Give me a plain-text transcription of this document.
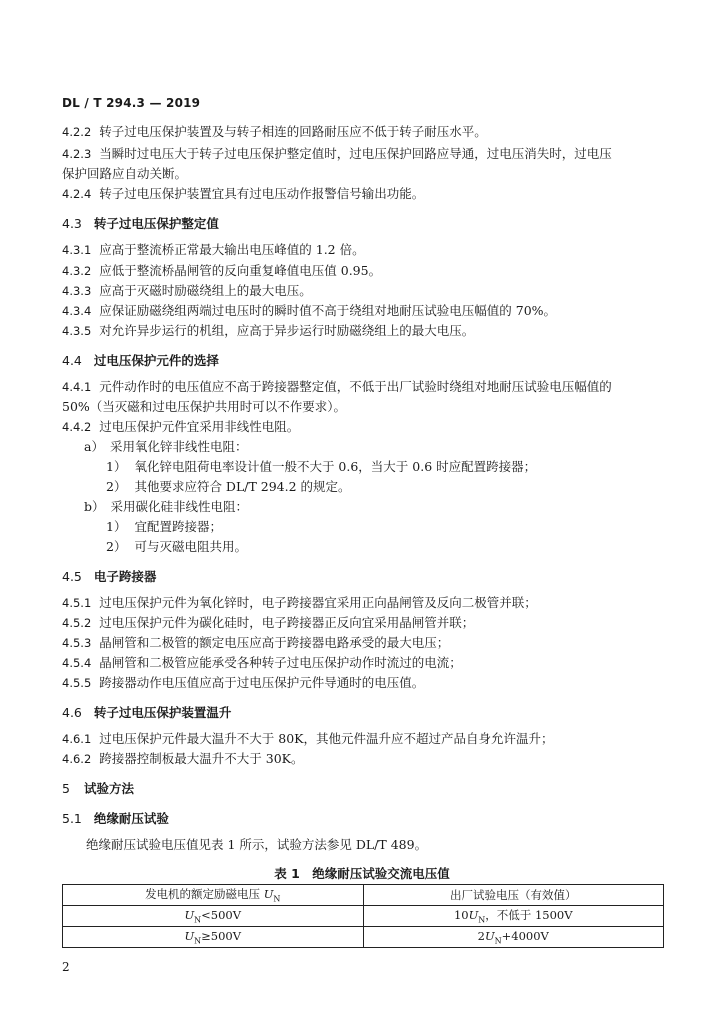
DL / T 294.3 — 2019
4.2.2 转子过电压保护装置及与转子相连的回路耐压应不低于转子耐压水平。
4.2.3 当瞬时过电压大于转子过电压保护整定值时，过电压保护回路应导通，过电压消失时，过电压
保护回路应自动关断。
4.2.4 转子过电压保护装置宜具有过电压动作报警信号输出功能。
4.3 转子过电压保护整定值
4.3.1 应高于整流桥正常最大输出电压峰值的 1.2 倍。
4.3.2 应低于整流桥晶闸管的反向重复峰值电压值 0.95。
4.3.3 应高于灭磁时励磁绕组上的最大电压。
4.3.4 应保证励磁绕组两端过电压时的瞬时值不高于绕组对地耐压试验电压幅值的 70%。
4.3.5 对允许异步运行的机组，应高于异步运行时励磁绕组上的最大电压。
4.4 过电压保护元件的选择
4.4.1 元件动作时的电压值应不高于跨接器整定值，不低于出厂试验时绕组对地耐压试验电压幅值的
50%（当灭磁和过电压保护共用时可以不作要求）。
4.4.2 过电压保护元件宜采用非线性电阻。
a） 采用氧化锌非线性电阻：
1） 氧化锌电阻荷电率设计值一般不大于 0.6，当大于 0.6 时应配置跨接器；
2） 其他要求应符合 DL/T 294.2 的规定。
b） 采用碳化硅非线性电阻：
1） 宜配置跨接器；
2） 可与灭磁电阻共用。
4.5 电子跨接器
4.5.1 过电压保护元件为氧化锌时，电子跨接器宜采用正向晶闸管及反向二极管并联；
4.5.2 过电压保护元件为碳化硅时，电子跨接器正反向宜采用晶闸管并联；
4.5.3 晶闸管和二极管的额定电压应高于跨接器电路承受的最大电压；
4.5.4 晶闸管和二极管应能承受各种转子过电压保护动作时流过的电流；
4.5.5 跨接器动作电压值应高于过电压保护元件导通时的电压值。
4.6 转子过电压保护装置温升
4.6.1 过电压保护元件最大温升不大于 80K，其他元件温升应不超过产品自身允许温升；
4.6.2 跨接器控制板最大温升不大于 30K。
5 试验方法
5.1 绝缘耐压试验
绝缘耐压试验电压值见表 1 所示，试验方法参见 DL/T 489。
表 1　绝缘耐压试验交流电压值
发电机的额定励磁电压 $U_N$	出厂试验电压（有效值）
$U_N<500V$	$10U_N$，不低于 1500V
$U_N\ge 500V$	$2U_N+4000V$
2
